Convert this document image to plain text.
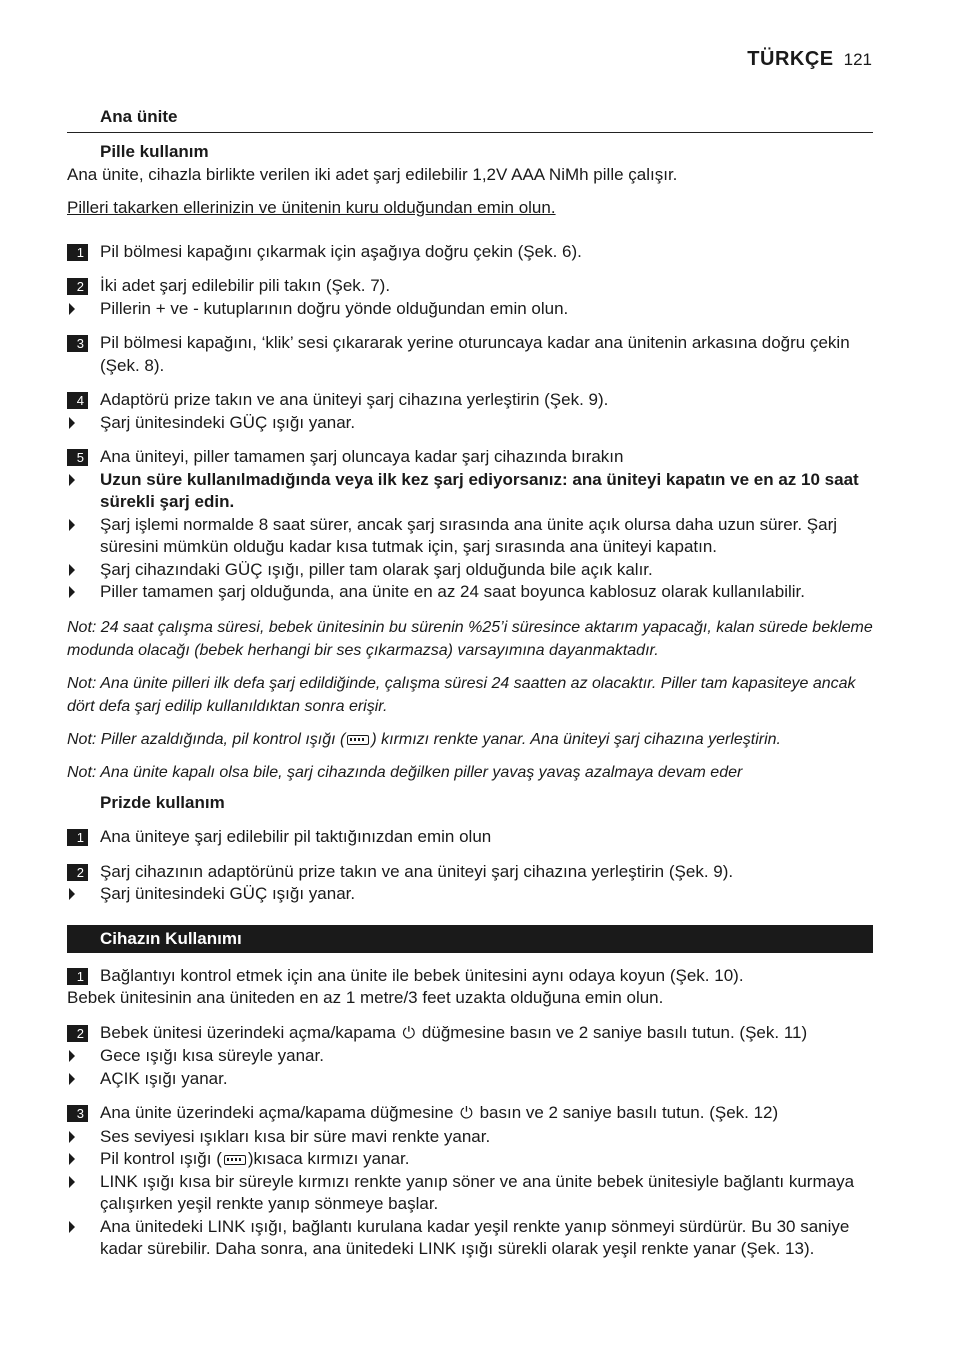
TÜRKÇE 121
Ana ünite
Pille kullanım

Ana ünite, cihazla birlikte verilen iki adet şarj edilebilir 1,2V AAA NiMh pille çalışır.

Pilleri takarken ellerinizin ve ünitenin kuru olduğundan emin olun.

1 Pil bölmesi kapağını çıkarmak için aşağıya doğru çekin (Şek. 6).
2 İki adet şarj edilebilir pili takın (Şek. 7).
Pillerin + ve - kutuplarının doğru yönde olduğundan emin olun.
3 Pil bölmesi kapağını, ‘klik’ sesi çıkararak yerine oturuncaya kadar ana ünitenin arkasına doğru çekin (Şek. 8).
4 Adaptörü prize takın ve ana üniteyi şarj cihazına yerleştirin (Şek. 9).
Şarj ünitesindeki GÜÇ ışığı yanar.
5 Ana üniteyi, piller tamamen şarj oluncaya kadar şarj cihazında bırakın
Uzun süre kullanılmadığında veya ilk kez şarj ediyorsanız: ana üniteyi kapatın ve en az 10 saat sürekli şarj edin.
Şarj işlemi normalde 8 saat sürer, ancak şarj sırasında ana ünite açık olursa daha uzun sürer. Şarj süresini mümkün olduğu kadar kısa tutmak için, şarj sırasında ana üniteyi kapatın.
Şarj cihazındaki GÜÇ ışığı, piller tam olarak şarj olduğunda bile açık kalır.
Piller tamamen şarj olduğunda, ana ünite en az 24 saat boyunca kablosuz olarak kullanılabilir.

Not: 24 saat çalışma süresi, bebek ünitesinin bu sürenin %25’i süresince aktarım yapacağı, kalan sürede bekleme modunda olacağı (bebek herhangi bir ses çıkarmazsa) varsayımına dayanmaktadır.

Not: Ana ünite pilleri ilk defa şarj edildiğinde, çalışma süresi 24 saatten az olacaktır. Piller tam kapasiteye ancak dört defa şarj edilip kullanıldıktan sonra erişir.

Not: Piller azaldığında, pil kontrol ışığı ( ) kırmızı renkte yanar. Ana üniteyi şarj cihazına yerleştirin.

Not: Ana ünite kapalı olsa bile, şarj cihazında değilken piller yavaş yavaş azalmaya devam eder

Prizde kullanım
1 Ana üniteye şarj edilebilir pil taktığınızdan emin olun
2 Şarj cihazının adaptörünü prize takın ve ana üniteyi şarj cihazına yerleştirin (Şek. 9).
Şarj ünitesindeki GÜÇ ışığı yanar.
Cihazın Kullanımı
1 Bağlantıyı kontrol etmek için ana ünite ile bebek ünitesini aynı odaya koyun (Şek. 10).

Bebek ünitesinin ana üniteden en az 1 metre/3 feet uzakta olduğuna emin olun.

2 Bebek ünitesi üzerindeki açma/kapama ⏻ düğmesine basın ve 2 saniye basılı tutun. (Şek. 11)
Gece ışığı kısa süreyle yanar.
AÇIK ışığı yanar.
3 Ana ünite üzerindeki açma/kapama düğmesine ⏻ basın ve 2 saniye basılı tutun. (Şek. 12)
Ses seviyesi ışıkları kısa bir süre mavi renkte yanar.
Pil kontrol ışığı ( )kısaca kırmızı yanar.
LINK ışığı kısa bir süreyle kırmızı renkte yanıp söner ve ana ünite bebek ünitesiyle bağlantı kurmaya çalışırken yeşil renkte yanıp sönmeye başlar.
Ana ünitedeki LINK ışığı, bağlantı kurulana kadar yeşil renkte yanıp sönmeyi sürdürür. Bu 30 saniye kadar sürebilir. Daha sonra, ana ünitedeki LINK ışığı sürekli olarak yeşil renkte yanar (Şek. 13).
